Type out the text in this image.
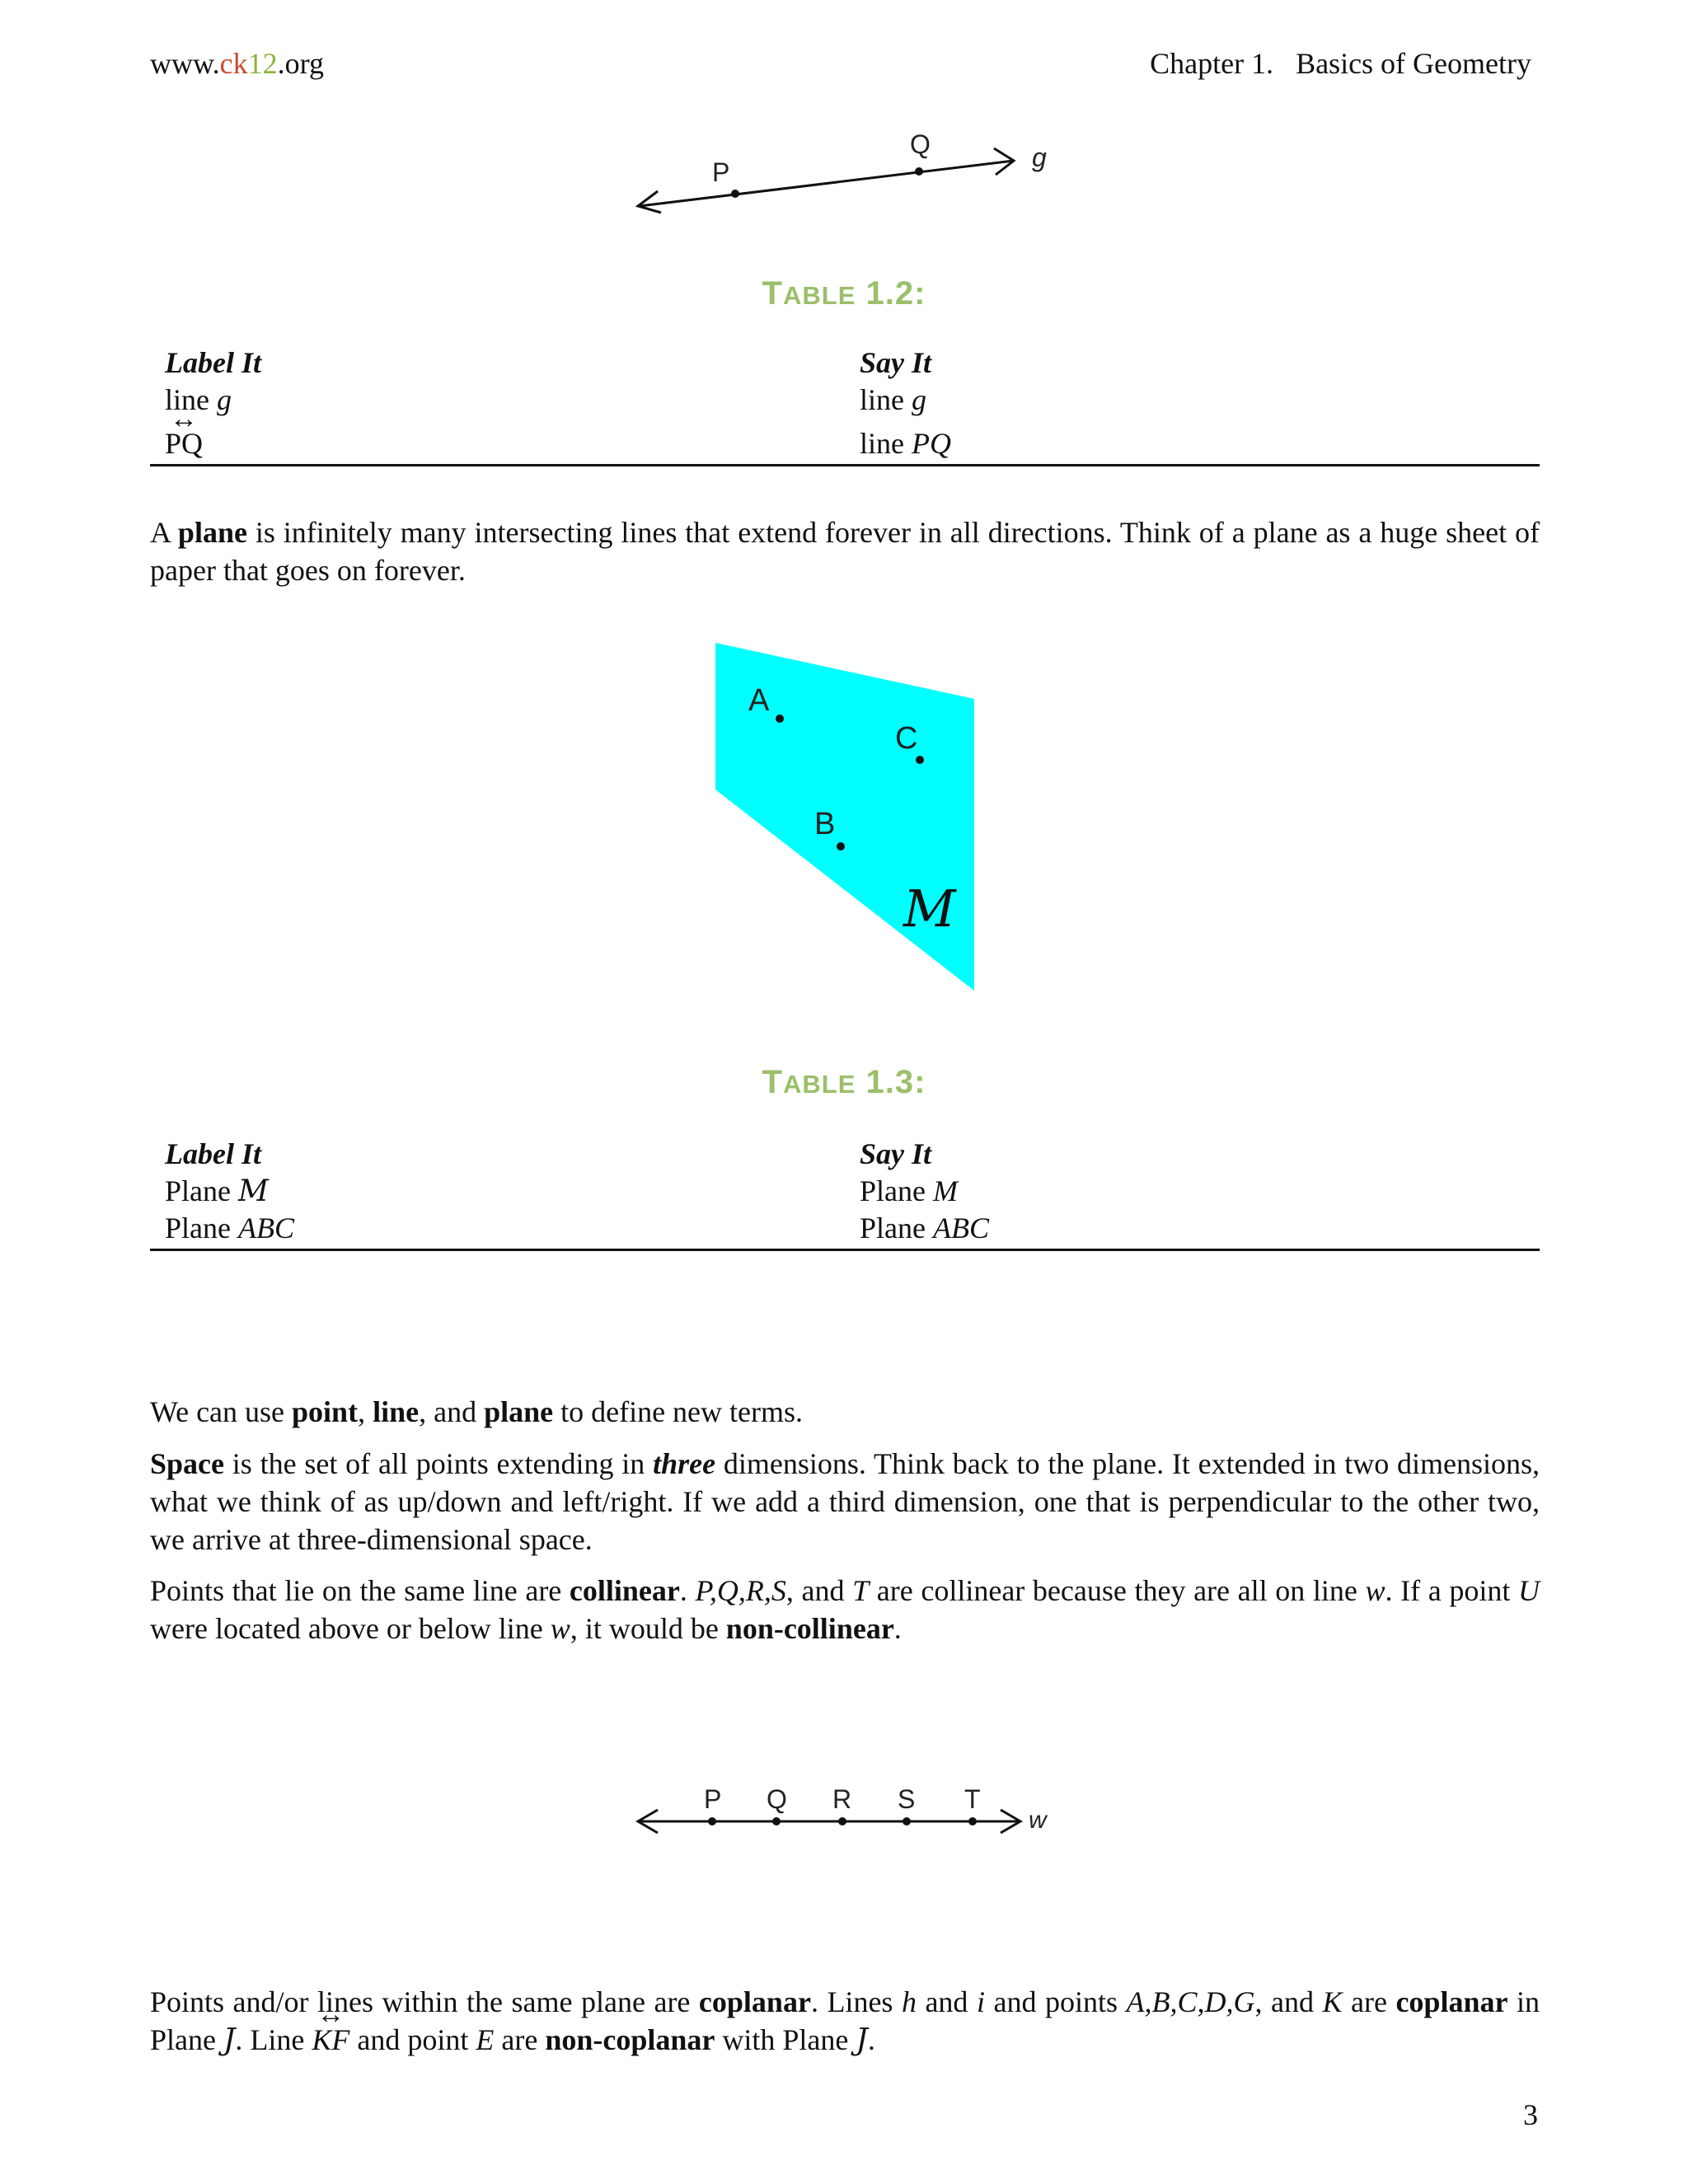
www.ck12.org	Chapter 1. Basics of Geometry
P
Q	g
TABLE 1.2:
Label It	Say It
line g	line g
↔ PQ	line PQ
A plane is infinitely many intersecting lines that extend forever in all directions. Think of a plane as a huge sheet of paper that goes on forever.
A
B
C
M
TABLE 1.3:
Label It	Say It
Plane M	Plane M
Plane ABC	Plane ABC
We can use point, line, and plane to define new terms.
Space is the set of all points extending in three dimensions. Think back to the plane. It extended in two dimensions, what we think of as up/down and left/right. If we add a third dimension, one that is perpendicular to the other two, we arrive at three-dimensional space.
Points that lie on the same line are collinear. P,Q,R,S, and T are collinear because they are all on line w. If a point U were located above or below line w, it would be non-collinear.
P Q R S T
w
Points and/or lines within the same plane are coplanar. Lines h and i and points A,B,C,D,G, and K are coplanar in Plane J. Line ↔ KF and point E are non-coplanar with Plane J.
3
